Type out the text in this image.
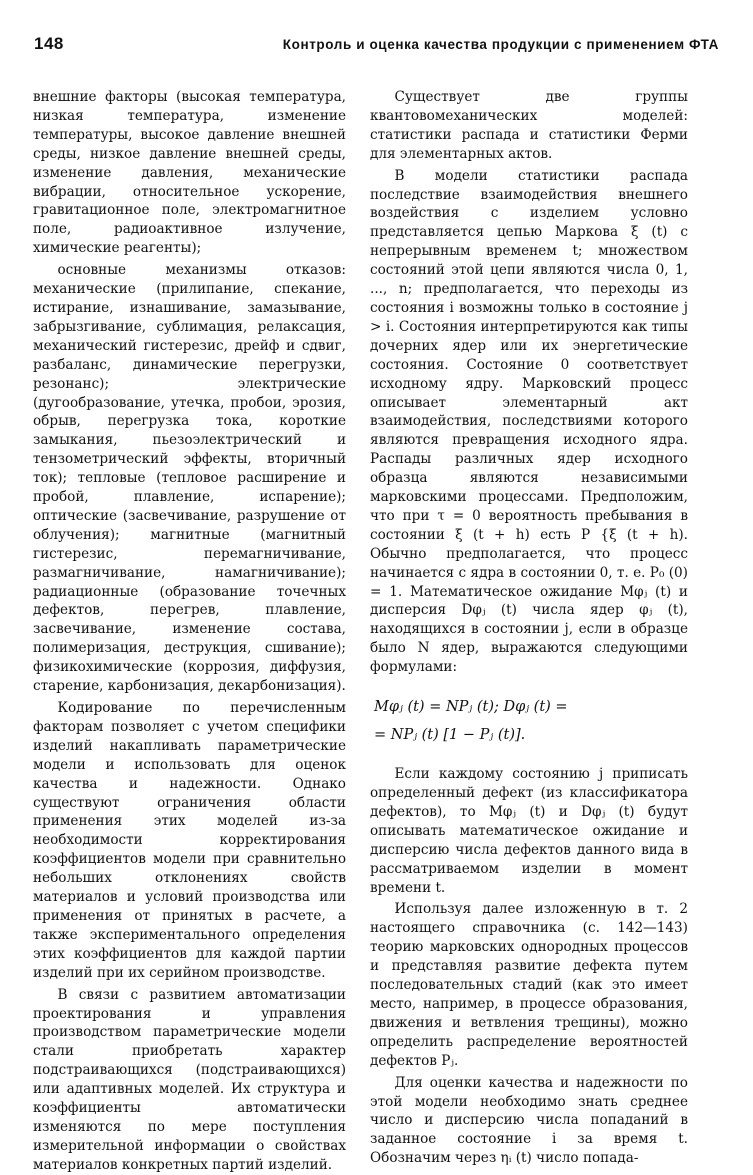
148	Контроль и оценка качества продукции с применением ФТА

внешние факторы (высокая температура, низкая температура, изменение температуры, высокое давление внешней среды, низкое давление внешней среды, изменение давления, механические вибрации, относительное ускорение, гравитационное поле, электромагнитное поле, радиоактивное излучение, химические реагенты);

основные механизмы отказов: механические (прилипание, спекание, истирание, изнашивание, замазывание, забрызгивание, сублимация, релаксация, механический гистерезис, дрейф и сдвиг, разбаланс, динамические перегрузки, резонанс); электрические (дугообразование, утечка, пробои, эрозия, обрыв, перегрузка тока, короткие замыкания, пьезоэлектрический и тензометрический эффекты, вторичный ток); тепловые (тепловое расширение и пробой, плавление, испарение); оптические (засвечивание, разрушение от облучения); магнитные (магнитный гистерезис, перемагничивание, размагничивание, намагничивание); радиационные (образование точечных дефектов, перегрев, плавление, засвечивание, изменение состава, полимеризация, деструкция, сшивание); физикохимические (коррозия, диффузия, старение, карбонизация, декарбонизация).

Кодирование по перечисленным факторам позволяет с учетом специфики изделий накапливать параметрические модели и использовать для оценок качества и надежности. Однако существуют ограничения области применения этих моделей из-за необходимости корректирования коэффициентов модели при сравнительно небольших отклонениях свойств материалов и условий производства или применения от принятых в расчете, а также экспериментального определения этих коэффициентов для каждой партии изделий при их серийном производстве.

В связи с развитием автоматизации проектирования и управления производством параметрические модели стали приобретать характер подстраивающихся (подстраивающихся) или адаптивных моделей. Их структура и коэффициенты автоматически изменяются по мере поступления измерительной информации о свойствах материалов конкретных партий изделий.

Существует две группы квантовомеханических моделей: статистики распада и статистики Ферми для элементарных актов.

В модели статистики распада последствие взаимодействия внешнего воздействия с изделием условно представляется цепью Маркова ξ (t) с непрерывным временем t; множеством состояний этой цепи являются числа 0, 1, ..., n; предполагается, что переходы из состояния i возможны только в состояние j > i. Состояния интерпретируются как типы дочерних ядер или их энергетические состояния. Состояние 0 соответствует исходному ядру. Марковский процесс описывает элементарный акт взаимодействия, последствиями которого являются превращения исходного ядра. Распады различных ядер исходного образца являются независимыми марковскими процессами. Предположим, что при τ = 0 вероятность пребывания в состоянии ξ (t + h) есть P {ξ (t + h). Обычно предполагается, что процесс начинается с ядра в состоянии 0, т. е. P₀ (0) = 1. Математическое ожидание Mφⱼ (t) и дисперсия Dφⱼ (t) числа ядер φⱼ (t), находящихся в состоянии j, если в образце было N ядер, выражаются следующими формулами:

Mφⱼ (t) = NPⱼ (t); Dφⱼ (t) =
= NPⱼ (t) [1 − Pⱼ (t)].

Если каждому состоянию j приписать определенный дефект (из классификатора дефектов), то Mφⱼ (t) и Dφⱼ (t) будут описывать математическое ожидание и дисперсию числа дефектов данного вида в рассматриваемом изделии в момент времени t.

Используя далее изложенную в т. 2 настоящего справочника (с. 142—143) теорию марковских однородных процессов и представляя развитие дефекта путем последовательных стадий (как это имеет место, например, в процессе образования, движения и ветвления трещины), можно определить распределение вероятностей дефектов Pⱼ.

Для оценки качества и надежности по этой модели необходимо знать среднее число и дисперсию числа попаданий в заданное состояние i за время t. Обозначим через ηᵢ (t) число попада-
